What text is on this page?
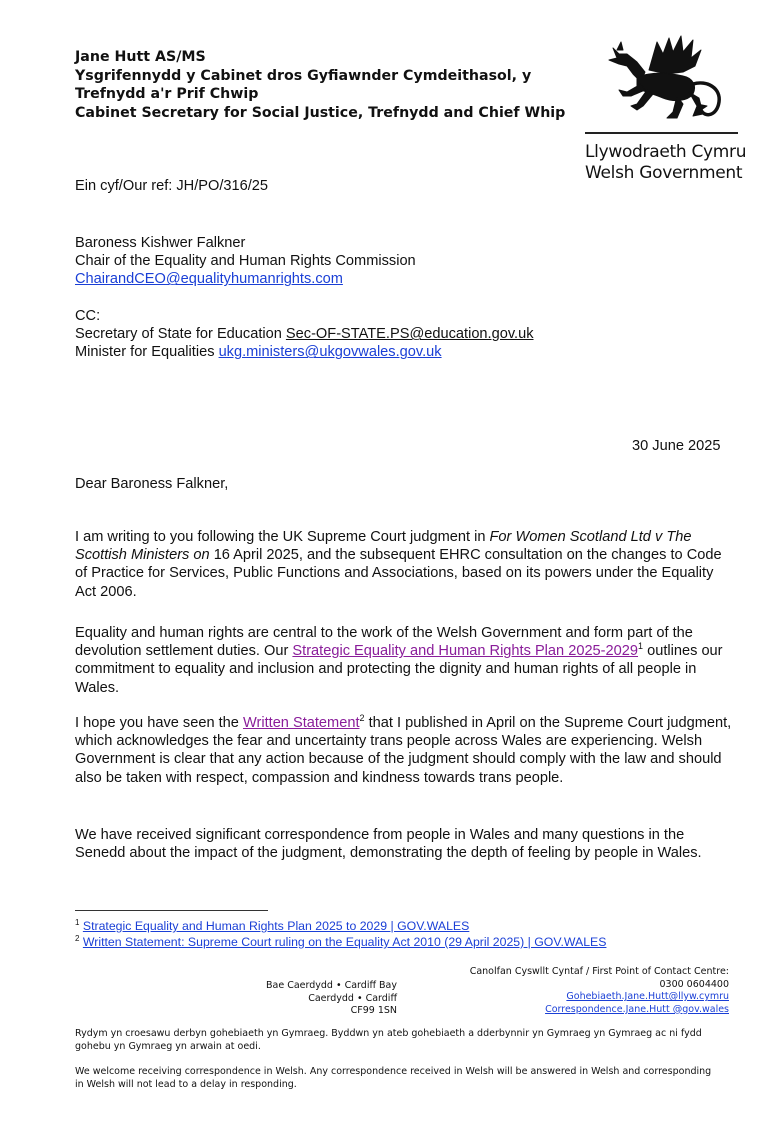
Jane Hutt AS/MS
Ysgrifennydd y Cabinet dros Gyfiawnder Cymdeithasol, y
Trefnydd a'r Prif Chwip
Cabinet Secretary for Social Justice, Trefnydd and Chief Whip
Llywodraeth Cymru
Welsh Government
Ein cyf/Our ref: JH/PO/316/25
Baroness Kishwer Falkner
Chair of the Equality and Human Rights Commission
ChairandCEO@equalityhumanrights.com
CC:
Secretary of State for Education Sec-OF-STATE.PS@education.gov.uk
Minister for Equalities ukg.ministers@ukgovwales.gov.uk
30 June 2025
Dear Baroness Falkner,

I am writing to you following the UK Supreme Court judgment in For Women Scotland Ltd v The Scottish Ministers on 16 April 2025, and the subsequent EHRC consultation on the changes to Code of Practice for Services, Public Functions and Associations, based on its powers under the Equality Act 2006.

Equality and human rights are central to the work of the Welsh Government and form part of the devolution settlement duties. Our Strategic Equality and Human Rights Plan 2025-2029$^1$ outlines our commitment to equality and inclusion and protecting the dignity and human rights of all people in Wales.

I hope you have seen the Written Statement$^2$ that I published in April on the Supreme Court judgment, which acknowledges the fear and uncertainty trans people across Wales are experiencing. Welsh Government is clear that any action because of the judgment should comply with the law and should also be taken with respect, compassion and kindness towards trans people.

We have received significant correspondence from people in Wales and many questions in the Senedd about the impact of the judgment, demonstrating the depth of feeling by people in Wales.

$^1$ Strategic Equality and Human Rights Plan 2025 to 2029 | GOV.WALES
$^2$ Written Statement: Supreme Court ruling on the Equality Act 2010 (29 April 2025) | GOV.WALES
Bae Caerdydd • Cardiff Bay
Caerdydd • Cardiff
CF99 1SN
Canolfan Cyswllt Cyntaf / First Point of Contact Centre:
0300 0604400
Gohebiaeth.Jane.Hutt@llyw.cymru
Correspondence.Jane.Hutt @gov.wales
Rydym yn croesawu derbyn gohebiaeth yn Gymraeg. Byddwn yn ateb gohebiaeth a dderbynnir yn Gymraeg yn Gymraeg ac ni fydd
gohebu yn Gymraeg yn arwain at oedi.
We welcome receiving correspondence in Welsh. Any correspondence received in Welsh will be answered in Welsh and corresponding
in Welsh will not lead to a delay in responding.
